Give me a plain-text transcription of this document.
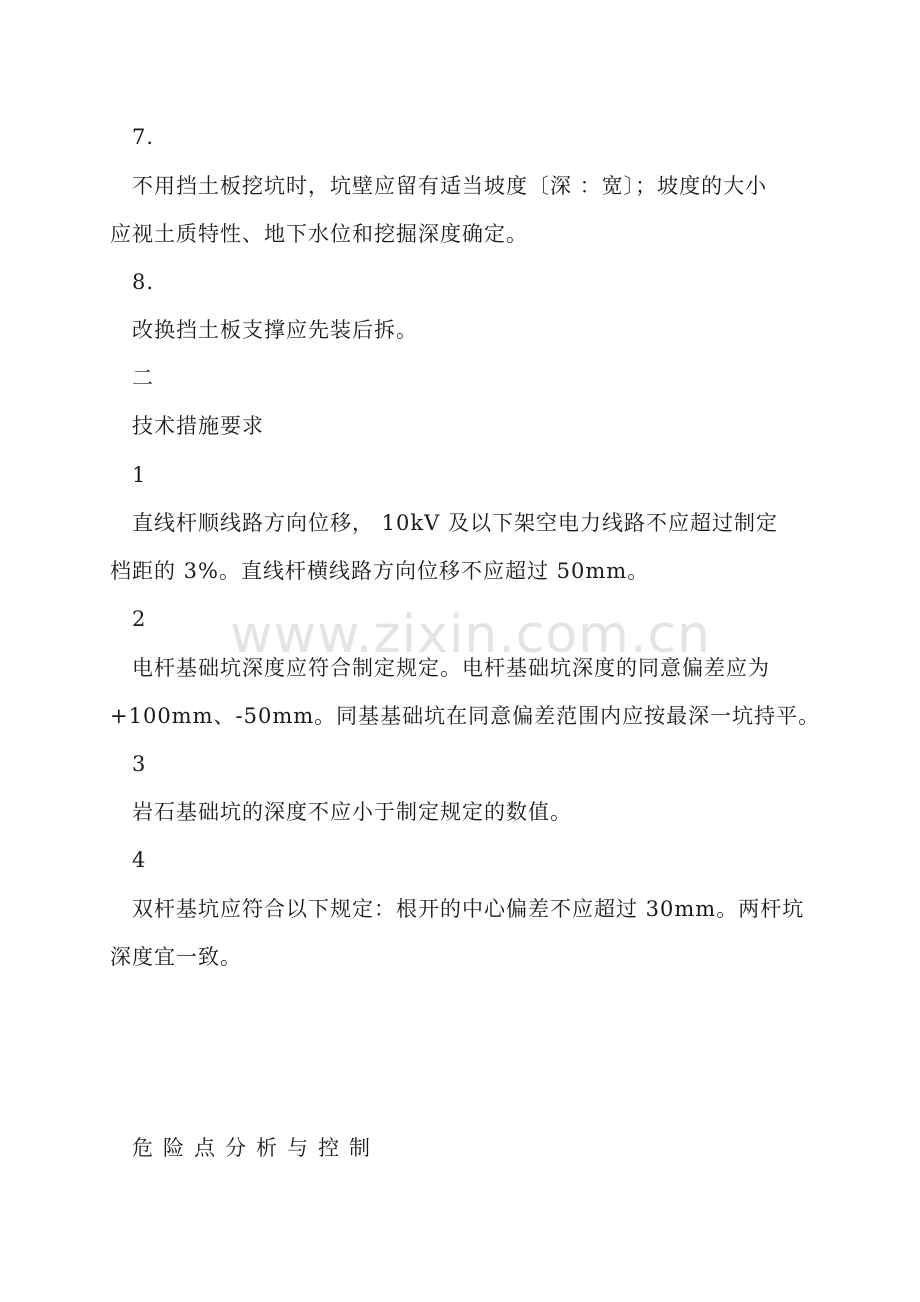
www.zixin.com.cn
7.
不用挡土板挖坑时，坑壁应留有适当坡度〔深 ：宽〕；坡度的大小
应视土质特性、地下水位和挖掘深度确定。
8.
改换挡土板支撑应先装后拆。
二
技术措施要求
1
直线杆顺线路方向位移， 10kV 及以下架空电力线路不应超过制定
档距的 3%。直线杆横线路方向位移不应超过 50mm。
2
电杆基础坑深度应符合制定规定。电杆基础坑深度的同意偏差应为
+100mm、-50mm。同基基础坑在同意偏差范围内应按最深一坑持平。
3
岩石基础坑的深度不应小于制定规定的数值。
4
双杆基坑应符合以下规定：根开的中心偏差不应超过 30mm。两杆坑
深度宜一致。
危险点分析与控制
